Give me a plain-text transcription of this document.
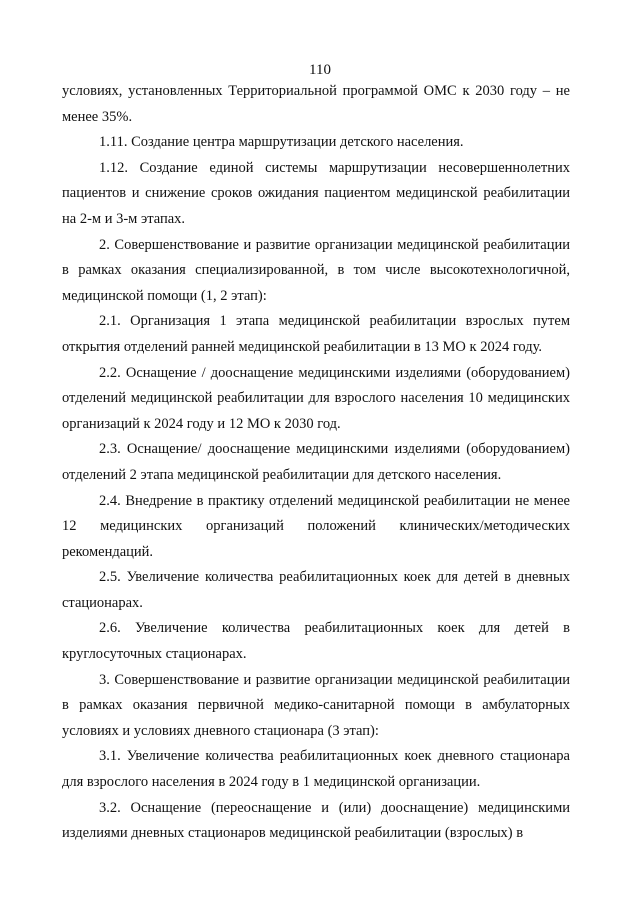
110

условиях, установленных Территориальной программой ОМС к 2030 году – не менее 35%.

1.11. Создание центра маршрутизации детского населения.

1.12. Создание единой системы маршрутизации несовершеннолетних пациентов и снижение сроков ожидания пациентом медицинской реабилитации на 2-м и 3-м этапах.

2. Совершенствование и развитие организации медицинской реабилитации в рамках оказания специализированной, в том числе высокотехнологичной, медицинской помощи (1, 2 этап):

2.1. Организация 1 этапа медицинской реабилитации взрослых путем открытия отделений ранней медицинской реабилитации в 13 МО к 2024 году.

2.2. Оснащение / дооснащение медицинскими изделиями (оборудованием) отделений медицинской реабилитации для взрослого населения 10 медицинских организаций к 2024 году и 12 МО к 2030 год.

2.3. Оснащение/ дооснащение медицинскими изделиями (оборудованием) отделений 2 этапа медицинской реабилитации для детского населения.

2.4. Внедрение в практику отделений медицинской реабилитации не менее 12 медицинских организаций положений клинических/методических рекомендаций.

2.5. Увеличение количества реабилитационных коек для детей в дневных стационарах.

2.6. Увеличение количества реабилитационных коек для детей в круглосуточных стационарах.

3. Совершенствование и развитие организации медицинской реабилитации в рамках оказания первичной медико-санитарной помощи в амбулаторных условиях и условиях дневного стационара (3 этап):

3.1. Увеличение количества реабилитационных коек дневного стационара для взрослого населения в 2024 году в 1 медицинской организации.

3.2. Оснащение (переоснащение и (или) дооснащение) медицинскими изделиями дневных стационаров медицинской реабилитации (взрослых) в
